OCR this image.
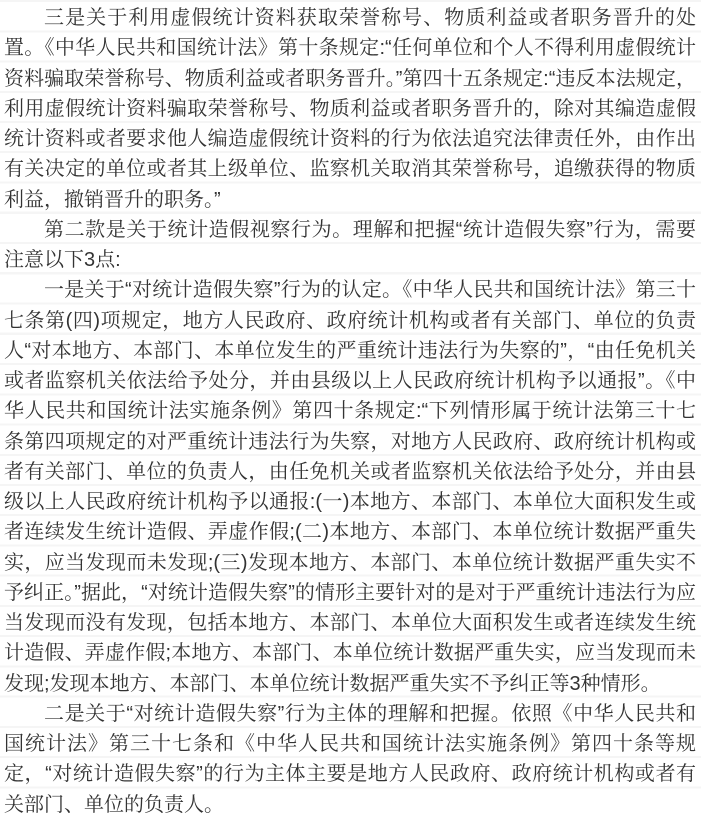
三是关于利用虚假统计资料获取荣誉称号、物质利益或者职务晋升的处置。《中华人民共和国统计法》第十条规定:“任何单位和个人不得利用虚假统计资料骗取荣誉称号、物质利益或者职务晋升。”第四十五条规定:“违反本法规定，利用虚假统计资料骗取荣誉称号、物质利益或者职务晋升的，除对其编造虚假统计资料或者要求他人编造虚假统计资料的行为依法追究法律责任外，由作出有关决定的单位或者其上级单位、监察机关取消其荣誉称号，追缴获得的物质利益，撤销晋升的职务。”

第二款是关于统计造假视察行为。理解和把握“统计造假失察”行为，需要注意以下3点:

一是关于“对统计造假失察”行为的认定。《中华人民共和国统计法》第三十七条第(四)项规定，地方人民政府、政府统计机构或者有关部门、单位的负责人“对本地方、本部门、本单位发生的严重统计违法行为失察的”，“由任免机关或者监察机关依法给予处分，并由县级以上人民政府统计机构予以通报”。《中华人民共和国统计法实施条例》第四十条规定:“下列情形属于统计法第三十七条第四项规定的对严重统计违法行为失察，对地方人民政府、政府统计机构或者有关部门、单位的负责人，由任免机关或者监察机关依法给予处分，并由县级以上人民政府统计机构予以通报:(一)本地方、本部门、本单位大面积发生或者连续发生统计造假、弄虚作假;(二)本地方、本部门、本单位统计数据严重失实，应当发现而未发现;(三)发现本地方、本部门、本单位统计数据严重失实不予纠正。”据此，“对统计造假失察”的情形主要针对的是对于严重统计违法行为应当发现而没有发现，包括本地方、本部门、本单位大面积发生或者连续发生统计造假、弄虚作假;本地方、本部门、本单位统计数据严重失实，应当发现而未发现;发现本地方、本部门、本单位统计数据严重失实不予纠正等3种情形。

二是关于“对统计造假失察”行为主体的理解和把握。依照《中华人民共和国统计法》第三十七条和《中华人民共和国统计法实施条例》第四十条等规定，“对统计造假失察”的行为主体主要是地方人民政府、政府统计机构或者有关部门、单位的负责人。
